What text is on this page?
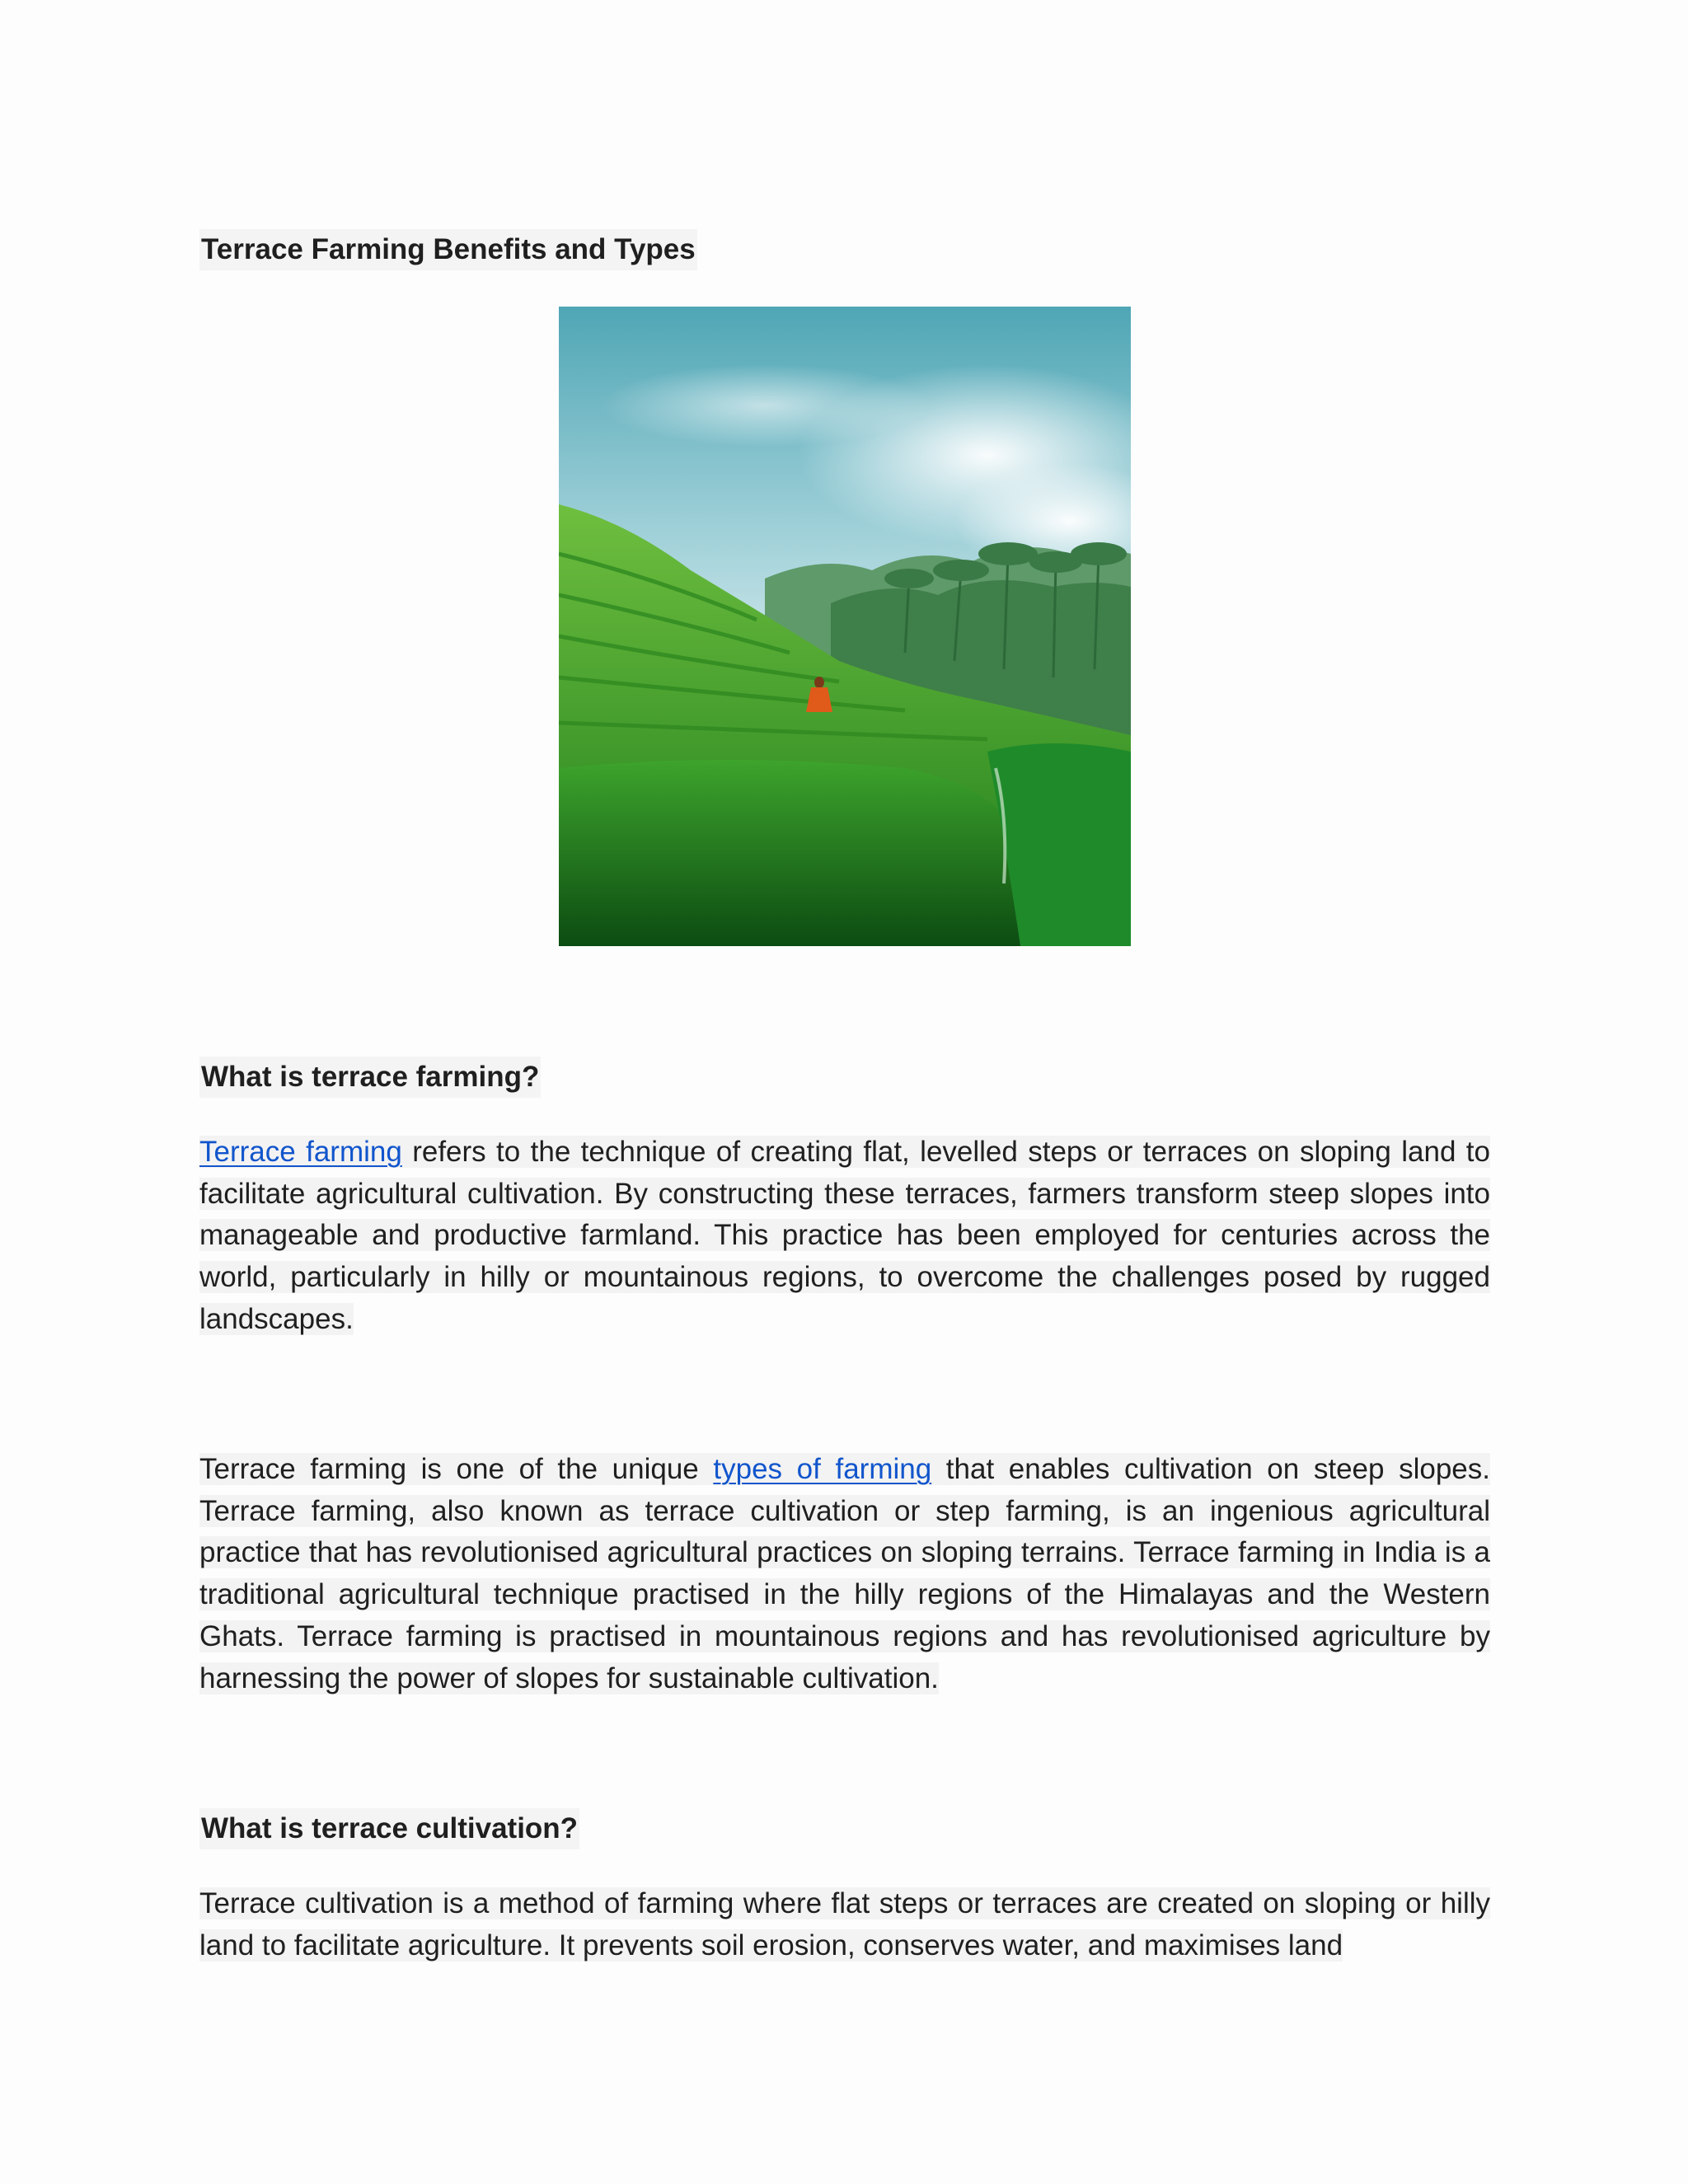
Terrace Farming Benefits and Types
What is terrace farming?
Terrace farming refers to the technique of creating flat, levelled steps or terraces on sloping land to facilitate agricultural cultivation. By constructing these terraces, farmers transform steep slopes into manageable and productive farmland. This practice has been employed for centuries across the world, particularly in hilly or mountainous regions, to overcome the challenges posed by rugged landscapes.
Terrace farming is one of the unique types of farming that enables cultivation on steep slopes. Terrace farming, also known as terrace cultivation or step farming, is an ingenious agricultural practice that has revolutionised agricultural practices on sloping terrains. Terrace farming in India is a traditional agricultural technique practised in the hilly regions of the Himalayas and the Western Ghats. Terrace farming is practised in mountainous regions and has revolutionised agriculture by harnessing the power of slopes for sustainable cultivation.
What is terrace cultivation?
Terrace cultivation is a method of farming where flat steps or terraces are created on sloping or hilly land to facilitate agriculture. It prevents soil erosion, conserves water, and maximises land
